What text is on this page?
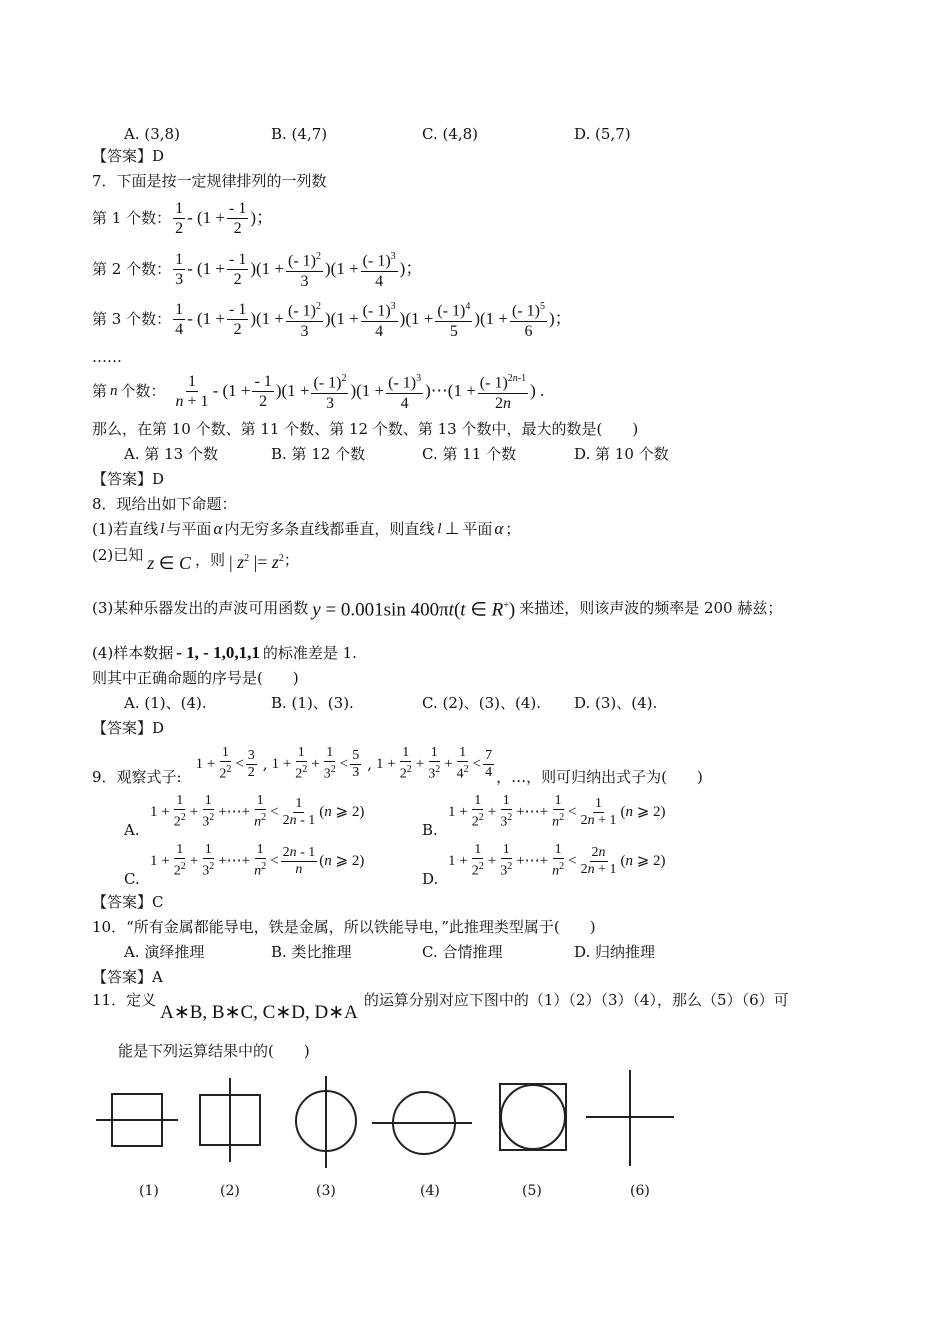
A. (3,8)	B. (4,7)	C. (4,8)	D. (5,7)
【答案】D
7．下面是按一定规律排列的一列数
第 1 个数： $\frac{1}{2} - (1 + \frac{- 1}{2}$ )；
第 2 个数： $\frac{1}{3} - (1 + \frac{- 1}{2} )(1 + \frac{(- 1)^2}{3} )(1 + \frac{(- 1)^3}{4}$ )；
第 3 个数： $\frac{1}{4} - (1 + \frac{- 1}{2} )(1 + \frac{(- 1)^2}{3} )(1 + \frac{(- 1)^3}{4} )(1 + \frac{(- 1)^4}{5} )(1 + \frac{(- 1)^5}{6}$ )；
……
第 n 个数： $\frac{1}{n + 1} - (1 + \frac{- 1}{2} )(1 + \frac{(- 1)^2}{3} )(1 + \frac{(- 1)^3}{4}$ )⋯(1 + $\frac{(- 1)^{2n-1}}{2n}$ ) .
那么，在第 10 个数、第 11 个数、第 12 个数、第 13 个数中，最大的数是(　　)
A. 第 13 个数	B. 第 12 个数	C. 第 11 个数	D. 第 10 个数
【答案】D
8．现给出如下命题：
(1)若直线 l 与平面 α 内无穷多条直线都垂直，则直线 l ⊥ 平面 α ；
(2)已知 z ∈ C ，则 | $z^2$ |= $z^2$ ；
(3)某种乐器发出的声波可用函数 y = 0.001sin 400πt(t ∈ R+) 来描述，则该声波的频率是 200 赫兹；
(4)样本数据 - 1, - 1,0,1,1 的标准差是 1.
则其中正确命题的序号是(　　)
A. (1)、(4).	B. (1)、(3).	C. (2)、(3)、(4). D. (3)、(4).
【答案】D
9．观察式子:
$1 + \frac{1}{2^2} < \frac{3}{2}$ , $1 + \frac{1}{2^2} + \frac{1}{3^2} < \frac{5}{3}$ , $1 + \frac{1}{2^2} + \frac{1}{3^2} + \frac{1}{4^2} < \frac{7}{4}$ ，…，则可归纳出式子为(　　)
A.
$1 + \frac{1}{2^2} + \frac{1}{3^2}$ +⋯+ $\frac{1}{n^2} < \frac{1}{2n - 1} (n$ ⩾ 2)
B.
$1 + \frac{1}{2^2} + \frac{1}{3^2}$ +⋯+ $\frac{1}{n^2} < \frac{1}{2n + 1} (n$ ⩾ 2)
C.
$1 + \frac{1}{2^2} + \frac{1}{3^2}$ +⋯+ $\frac{1}{n^2} < \frac{2n - 1}{n} (n$ ⩾ 2)
D.
$1 + \frac{1}{2^2} + \frac{1}{3^2}$ +⋯+ $\frac{1}{n^2} < \frac{2n}{2n + 1} (n$ ⩾ 2)
【答案】C
10．“所有金属都能导电，铁是金属，所以铁能导电，”此推理类型属于(　　)
A. 演绎推理	B. 类比推理	C. 合情推理	D. 归纳推理
【答案】A
11．定义
A∗B, B∗C, C∗D, D∗A
的运算分别对应下图中的（1）（2）（3）（4），那么（5）（6）可
能是下列运算结果中的(　　)
(1)	(2)	(3)	(4)	(5)	(6)
